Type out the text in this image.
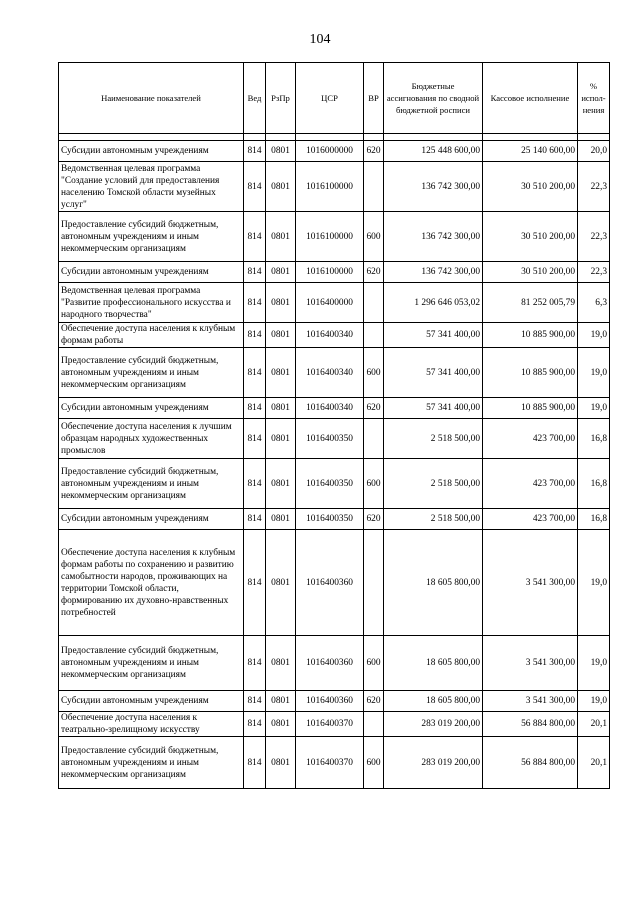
104
Наименование показателей	Вед	РзПр	ЦСР	ВР	Бюджетные ассигнования по сводной бюджетной росписи	Кассовое исполнение	% испол-нения

Субсидии автономным учреждениям	814	0801	1016000000	620	125 448 600,00	25 140 600,00	20,0
Ведомственная целевая программа "Создание условий для предоставления населению Томской области музейных услуг"	814	0801	1016100000		136 742 300,00	30 510 200,00	22,3
Предоставление субсидий бюджетным, автономным учреждениям и иным некоммерческим организациям	814	0801	1016100000	600	136 742 300,00	30 510 200,00	22,3
Субсидии автономным учреждениям	814	0801	1016100000	620	136 742 300,00	30 510 200,00	22,3
Ведомственная целевая программа "Развитие профессионального искусства и народного творчества"	814	0801	1016400000		1 296 646 053,02	81 252 005,79	6,3
Обеспечение доступа населения к клубным формам работы	814	0801	1016400340		57 341 400,00	10 885 900,00	19,0
Предоставление субсидий бюджетным, автономным учреждениям и иным некоммерческим организациям	814	0801	1016400340	600	57 341 400,00	10 885 900,00	19,0
Субсидии автономным учреждениям	814	0801	1016400340	620	57 341 400,00	10 885 900,00	19,0
Обеспечение доступа населения к лучшим образцам народных художественных промыслов	814	0801	1016400350		2 518 500,00	423 700,00	16,8
Предоставление субсидий бюджетным, автономным учреждениям и иным некоммерческим организациям	814	0801	1016400350	600	2 518 500,00	423 700,00	16,8
Субсидии автономным учреждениям	814	0801	1016400350	620	2 518 500,00	423 700,00	16,8
Обеспечение доступа населения к клубным формам работы по сохранению и развитию самобытности народов, проживающих на территории Томской области, формированию их духовно-нравственных потребностей	814	0801	1016400360		18 605 800,00	3 541 300,00	19,0
Предоставление субсидий бюджетным, автономным учреждениям и иным некоммерческим организациям	814	0801	1016400360	600	18 605 800,00	3 541 300,00	19,0
Субсидии автономным учреждениям	814	0801	1016400360	620	18 605 800,00	3 541 300,00	19,0
Обеспечение доступа населения к театрально-зрелищному искусству	814	0801	1016400370		283 019 200,00	56 884 800,00	20,1
Предоставление субсидий бюджетным, автономным учреждениям и иным некоммерческим организациям	814	0801	1016400370	600	283 019 200,00	56 884 800,00	20,1
